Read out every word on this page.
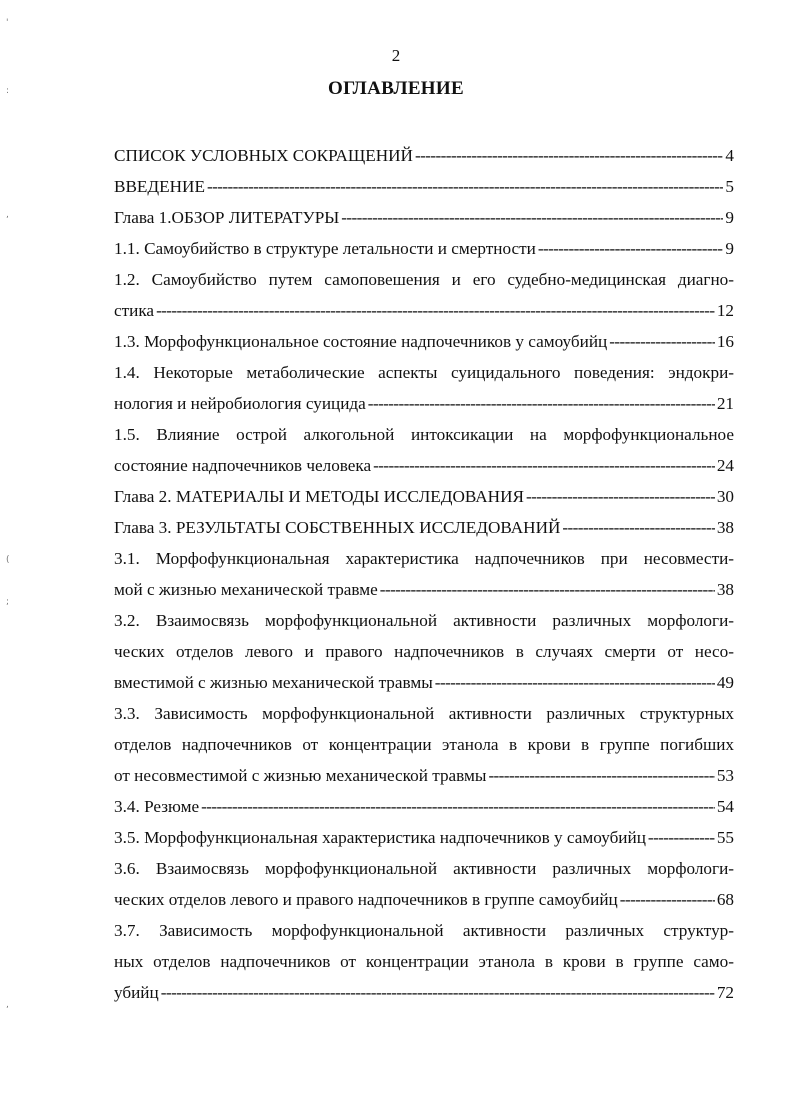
'
:
,
(
;
,
2
ОГЛАВЛЕНИЕ
СПИСОК УСЛОВНЫХ СОКРАЩЕНИЙ -----	4
ВВЕДЕНИЕ -----	5
Глава 1.ОБЗОР ЛИТЕРАТУРЫ -----	9
1.1. Самоубийство в структуре летальности и смертности -----	9
1.2. Самоубийство путем самоповешения и его судебно-медицинская диагно-
стика -----	12
1.3. Морфофункциональное состояние надпочечников у самоубийц -----	16
1.4. Некоторые метаболические аспекты суицидального поведения: эндокри-
нология и нейробиология суицида -----	21
1.5. Влияние острой алкогольной интоксикации на морфофункциональное
состояние надпочечников человека -----	24
Глава 2. МАТЕРИАЛЫ И МЕТОДЫ ИССЛЕДОВАНИЯ -----	30
Глава 3. РЕЗУЛЬТАТЫ СОБСТВЕННЫХ ИССЛЕДОВАНИЙ -----	38
3.1. Морфофункциональная характеристика надпочечников при несовмести-
мой с жизнью механической травме -----	38
3.2. Взаимосвязь морфофункциональной активности различных морфологи-
ческих отделов левого и правого надпочечников в случаях смерти от несо-
вместимой с жизнью механической травмы -----	49
3.3. Зависимость морфофункциональной активности различных структурных
отделов надпочечников от концентрации этанола в крови в группе погибших
от несовместимой с жизнью механической травмы -----	53
3.4. Резюме -----	54
3.5. Морфофункциональная характеристика надпочечников у самоубийц -----	55
3.6. Взаимосвязь морфофункциональной активности различных морфологи-
ческих отделов левого и правого надпочечников в группе самоубийц -----	68
3.7. Зависимость морфофункциональной активности различных структур-
ных отделов надпочечников от концентрации этанола в крови в группе само-
убийц -----	72
